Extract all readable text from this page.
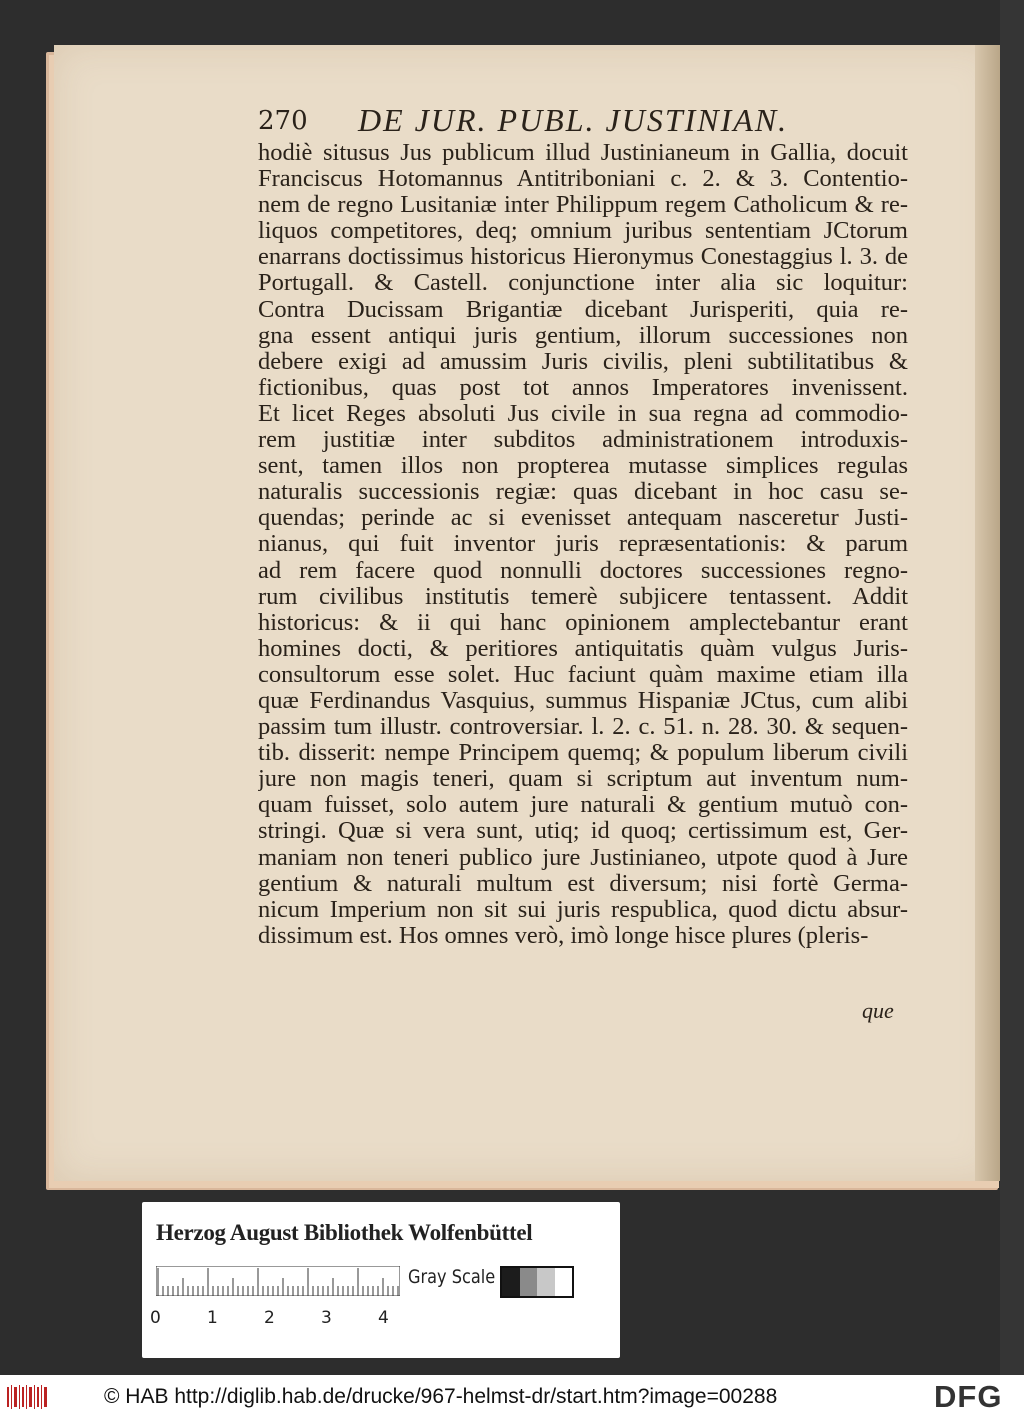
270 DE JUR. PUBL. JUSTINIAN.
hodiè situsus Jus publicum illud Justinianeum in Gallia, docuit
Franciscus Hotomannus Antitriboniani c. 2. & 3. Contentio-
nem de regno Lusitaniæ inter Philippum regem Catholicum & re-
liquos competitores, deq; omnium juribus sententiam JCtorum
enarrans doctissimus historicus Hieronymus Conestaggius l. 3. de
Portugall. & Castell. conjunctione inter alia sic loquitur:
Contra Ducissam Brigantiæ dicebant Jurisperiti, quia re-
gna essent antiqui juris gentium, illorum successiones non
debere exigi ad amussim Juris civilis, pleni subtilitatibus &
fictionibus, quas post tot annos Imperatores invenissent.
Et licet Reges absoluti Jus civile in sua regna ad commodio-
rem justitiæ inter subditos administrationem introduxis-
sent, tamen illos non propterea mutasse simplices regulas
naturalis successionis regiæ: quas dicebant in hoc casu se-
quendas; perinde ac si evenisset antequam nasceretur Justi-
nianus, qui fuit inventor juris repræsentationis: & parum
ad rem facere quod nonnulli doctores successiones regno-
rum civilibus institutis temerè subjicere tentassent. Addit
historicus: & ii qui hanc opinionem amplectebantur erant
homines docti, & peritiores antiquitatis quàm vulgus Juris-
consultorum esse solet. Huc faciunt quàm maxime etiam illa
quæ Ferdinandus Vasquius, summus Hispaniæ JCtus, cum alibi
passim tum illustr. controversiar. l. 2. c. 51. n. 28. 30. & sequen-
tib. disserit: nempe Principem quemq; & populum liberum civili
jure non magis teneri, quam si scriptum aut inventum num-
quam fuisset, solo autem jure naturali & gentium mutuò con-
stringi. Quæ si vera sunt, utiq; id quoq; certissimum est, Ger-
maniam non teneri publico jure Justinianeo, utpote quod à Jure
gentium & naturali multum est diversum; nisi fortè Germa-
nicum Imperium non sit sui juris respublica, quod dictu absur-
dissimum est. Hos omnes verò, imò longe hisce plures (pleris-
que
Herzog August Bibliothek Wolfenbüttel
0	1	2	3	4
Gray Scale
© HAB http://diglib.hab.de/drucke/967-helmst-dr/start.htm?image=00288	DFG
